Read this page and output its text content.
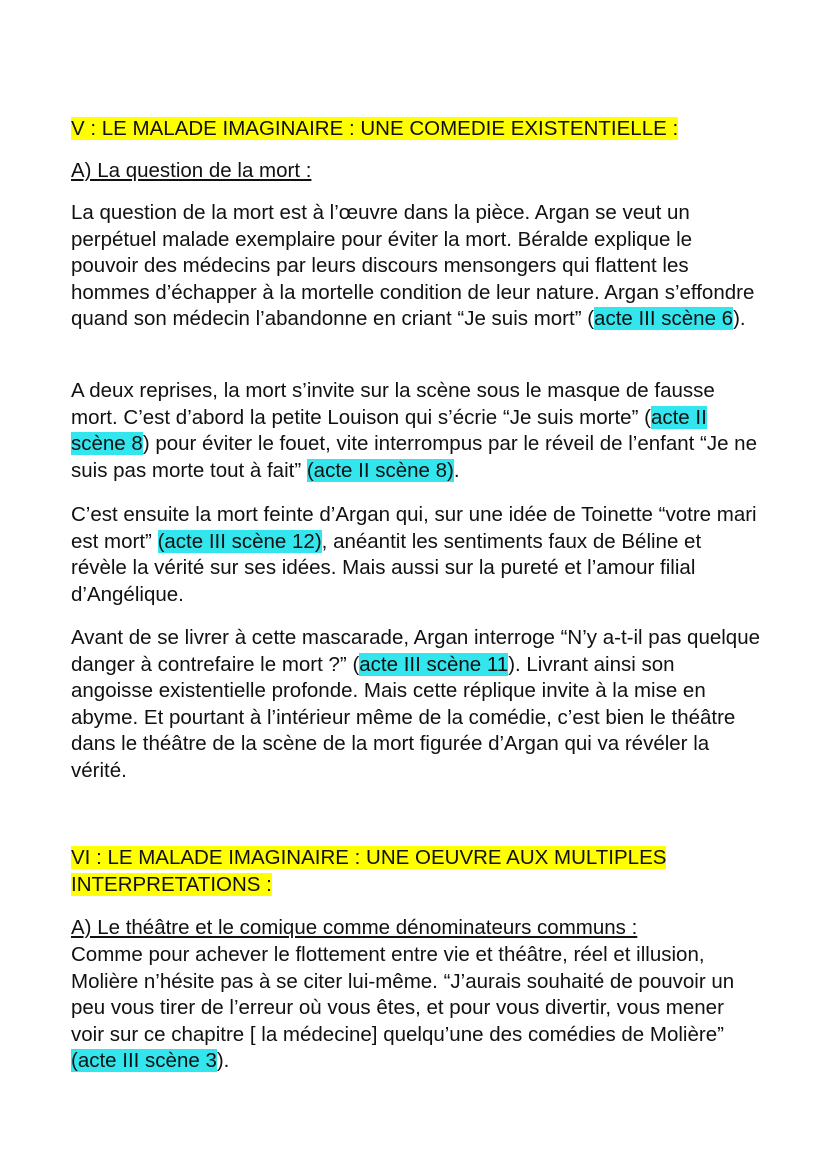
V : LE MALADE IMAGINAIRE : UNE COMEDIE EXISTENTIELLE :
A) La question de la mort :

La question de la mort est à l’œuvre dans la pièce. Argan se veut un perpétuel malade exemplaire pour éviter la mort. Béralde explique le pouvoir des médecins par leurs discours mensongers qui flattent les hommes d’échapper à la mortelle condition de leur nature. Argan s’effondre quand son médecin l’abandonne en criant “Je suis mort” (acte III scène 6).

A deux reprises, la mort s’invite sur la scène sous le masque de fausse mort. C’est d’abord la petite Louison qui s’écrie “Je suis morte” (acte II scène 8) pour éviter le fouet, vite interrompus par le réveil de l’enfant “Je ne suis pas morte tout à fait” (acte II scène 8).

C’est ensuite la mort feinte d’Argan qui, sur une idée de Toinette “votre mari est mort” (acte III scène 12), anéantit les sentiments faux de Béline et révèle la vérité sur ses idées. Mais aussi sur la pureté et l’amour filial d’Angélique.

Avant de se livrer à cette mascarade, Argan interroge “N’y a-t-il pas quelque danger à contrefaire le mort ?” (acte III scène 11). Livrant ainsi son angoisse existentielle profonde. Mais cette réplique invite à la mise en abyme. Et pourtant à l’intérieur même de la comédie, c’est bien le théâtre dans le théâtre de la scène de la mort figurée d’Argan qui va révéler la vérité.

VI : LE MALADE IMAGINAIRE : UNE OEUVRE AUX MULTIPLES
INTERPRETATIONS :
A) Le théâtre et le comique comme dénominateurs communs :

Comme pour achever le flottement entre vie et théâtre, réel et illusion, Molière n’hésite pas à se citer lui-même. “J’aurais souhaité de pouvoir un peu vous tirer de l’erreur où vous êtes, et pour vous divertir, vous mener voir sur ce chapitre [ la médecine] quelqu’une des comédies de Molière” (acte III scène 3).
